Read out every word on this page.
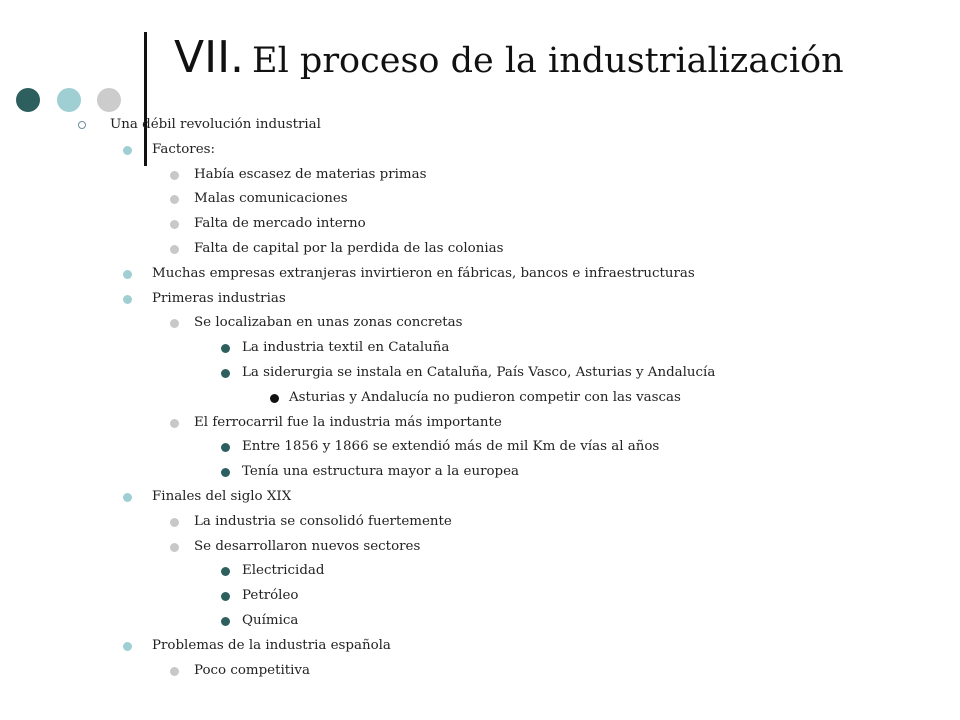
VII. El proceso de la industrialización
Una débil revolución industrial
Factores:
Había escasez de materias primas
Malas comunicaciones
Falta de mercado interno
Falta de capital por la perdida de las colonias
Muchas empresas extranjeras invirtieron en fábricas, bancos e infraestructuras
Primeras industrias
Se localizaban en unas zonas concretas
La industria textil en Cataluña
La siderurgia se instala en Cataluña, País Vasco, Asturias y Andalucía
Asturias y Andalucía no pudieron competir con las vascas
El ferrocarril fue la industria más importante
Entre 1856 y 1866 se extendió más de mil Km de vías al años
Tenía una estructura mayor a la europea
Finales del siglo XIX
La industria se consolidó fuertemente
Se desarrollaron nuevos sectores
Electricidad
Petróleo
Química
Problemas de la industria española
Poco competitiva
